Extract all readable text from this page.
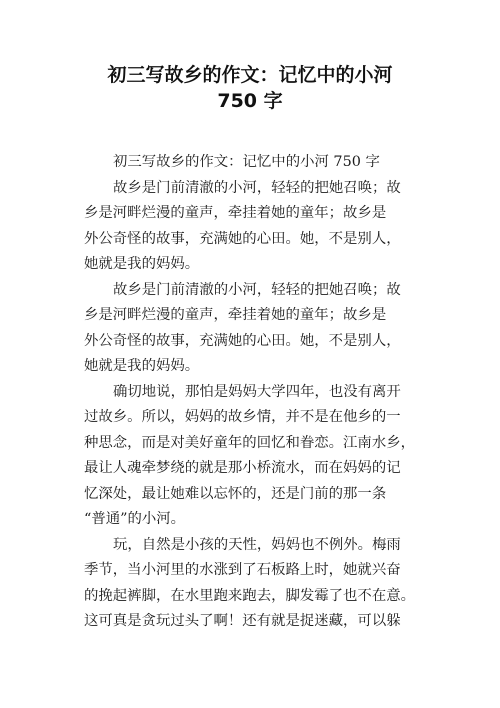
初三写故乡的作文：记忆中的小河
750 字
初三写故乡的作文：记忆中的小河 750 字
故乡是门前清澈的小河，轻轻的把她召唤；故
乡是河畔烂漫的童声，牵挂着她的童年；故乡是
外公奇怪的故事，充满她的心田。她，不是别人，
她就是我的妈妈。
故乡是门前清澈的小河，轻轻的把她召唤；故
乡是河畔烂漫的童声，牵挂着她的童年；故乡是
外公奇怪的故事，充满她的心田。她，不是别人，
她就是我的妈妈。
确切地说，那怕是妈妈大学四年，也没有离开
过故乡。所以，妈妈的故乡情，并不是在他乡的一
种思念，而是对美好童年的回忆和眷恋。江南水乡，
最让人魂牵梦绕的就是那小桥流水，而在妈妈的记
忆深处，最让她难以忘怀的，还是门前的那一条
“普通”的小河。
玩，自然是小孩的天性，妈妈也不例外。梅雨
季节，当小河里的水涨到了石板路上时，她就兴奋
的挽起裤脚，在水里跑来跑去，脚发霉了也不在意。
这可真是贪玩过头了啊！还有就是捉迷藏，可以躲
